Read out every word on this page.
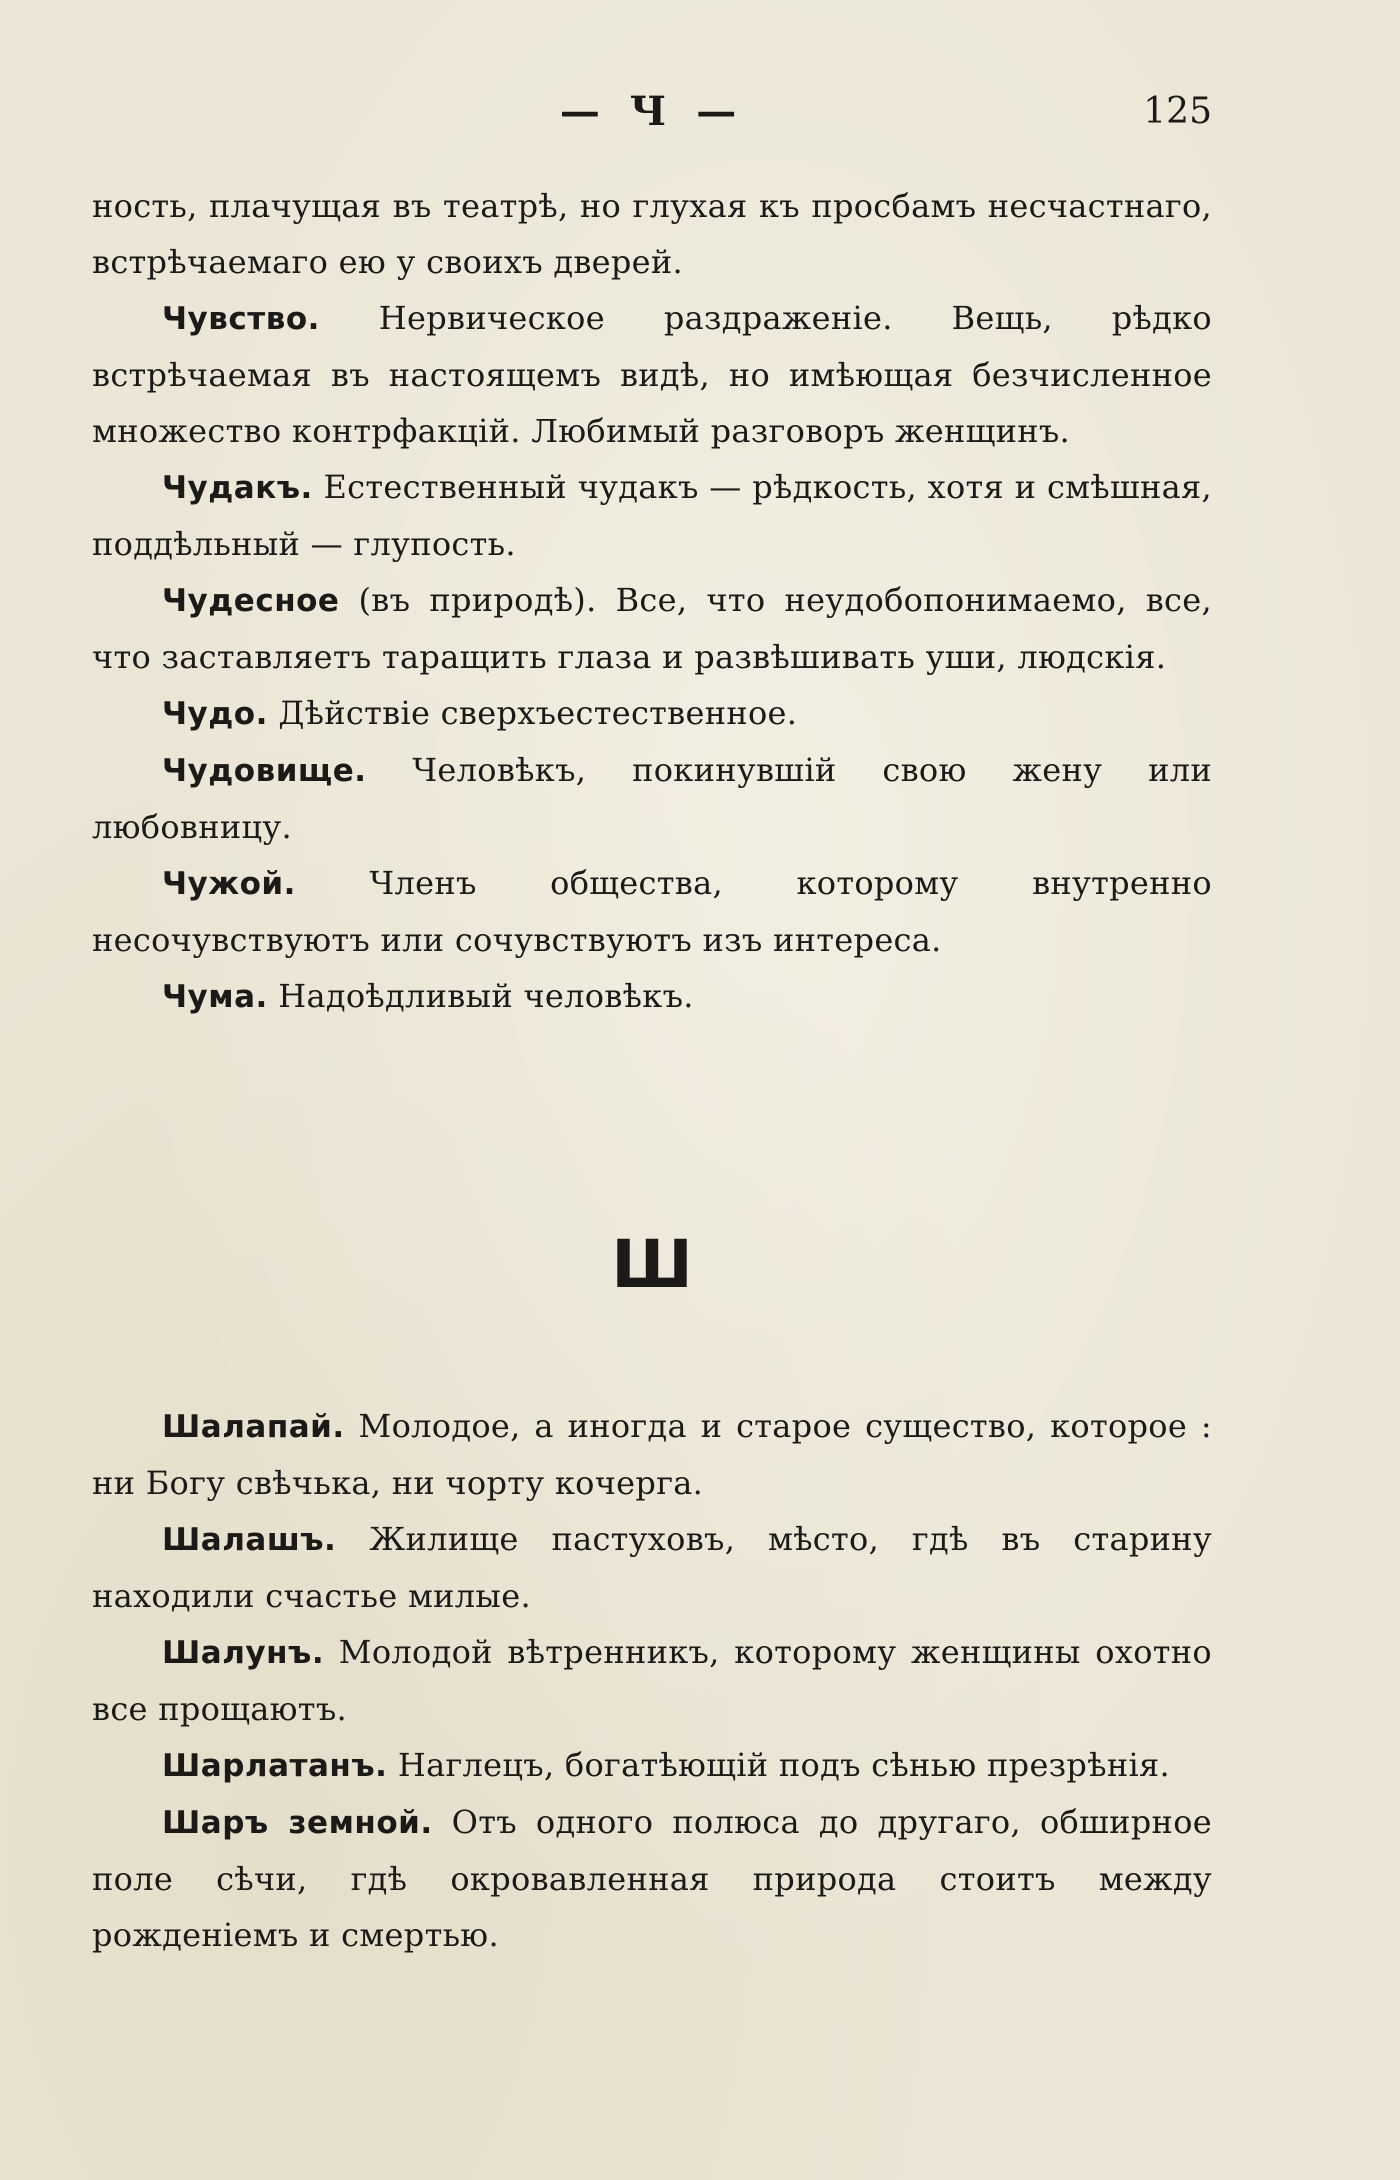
— Ч —	125

ность, плачущая въ театрѣ, но глухая къ просбамъ несчастнаго, встрѣчаемаго ею у своихъ дверей.

Чувство. Нервическое раздраженіе. Вещь, рѣдко встрѣчаемая въ настоящемъ видѣ, но имѣющая безчисленное множество контрфакцій. Любимый разговоръ женщинъ.

Чудакъ. Естественный чудакъ — рѣдкость, хотя и смѣшная, поддѣльный — глупость.

Чудесное (въ природѣ). Все, что неудобопонимаемо, все, что заставляетъ таращить глаза и развѣшивать уши, людскія.

Чудо. Дѣйствіе сверхъестественное.

Чудовище. Человѣкъ, покинувшій свою жену или любовницу.

Чужой. Членъ общества, которому внутренно несочувствуютъ или сочувствуютъ изъ интереса.

Чума. Надоѣдливый человѣкъ.

Ш

Шалапай. Молодое, а иногда и старое существо, которое : ни Богу свѣчька, ни чорту кочерга.

Шалашъ. Жилище пастуховъ, мѣсто, гдѣ въ старину находили счастье милые.

Шалунъ. Молодой вѣтренникъ, которому женщины охотно все прощаютъ.

Шарлатанъ. Наглецъ, богатѣющій подъ сѣнью презрѣнія.

Шаръ земной. Отъ одного полюса до другаго, обширное поле сѣчи, гдѣ окровавленная природа стоитъ между рожденіемъ и смертью.
